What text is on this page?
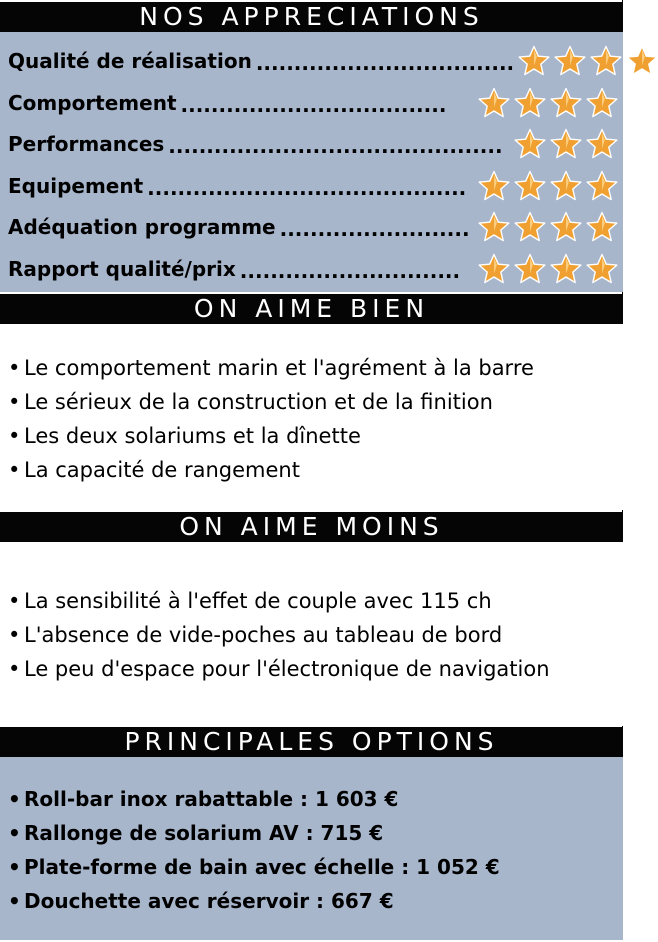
NOS APPRECIATIONS
Qualité de réalisation ..................................
Comportement ...................................
Performances ............................................
Equipement ..........................................
Adéquation programme .........................
Rapport qualité/prix .............................
ON AIME BIEN
• Le comportement marin et l'agrément à la barre
• Le sérieux de la construction et de la finition
• Les deux solariums et la dînette
• La capacité de rangement
ON AIME MOINS
• La sensibilité à l'effet de couple avec 115 ch
• L'absence de vide-poches au tableau de bord
• Le peu d'espace pour l'électronique de navigation
PRINCIPALES OPTIONS
• Roll-bar inox rabattable : 1 603 €
• Rallonge de solarium AV : 715 €
• Plate-forme de bain avec échelle : 1 052 €
• Douchette avec réservoir : 667 €
